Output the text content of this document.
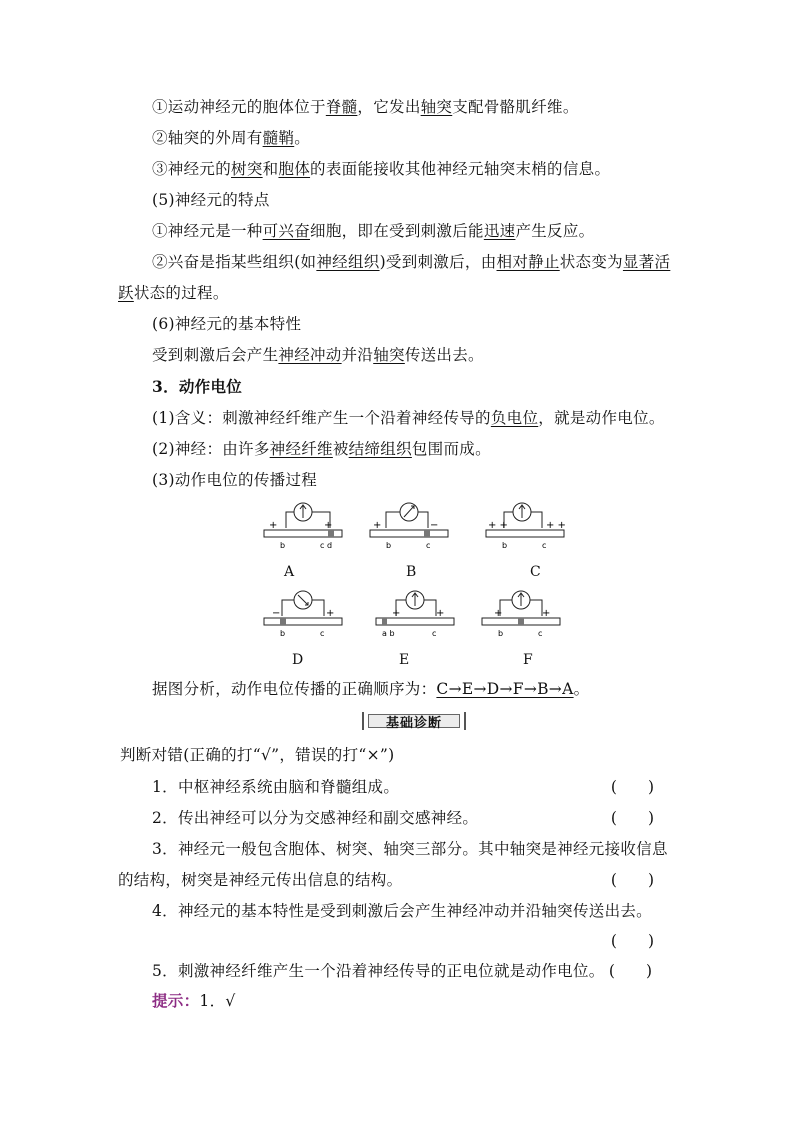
①运动神经元的胞体位于脊髓，它发出轴突支配骨骼肌纤维。
②轴突的外周有髓鞘。
③神经元的树突和胞体的表面能接收其他神经元轴突末梢的信息。
(5)神经元的特点
①神经元是一种可兴奋细胞，即在受到刺激后能迅速产生反应。
②兴奋是指某些组织(如神经组织)受到刺激后，由相对静止状态变为显著活
跃状态的过程。
(6)神经元的基本特性
受到刺激后会产生神经冲动并沿轴突传送出去。
3．动作电位
(1)含义：刺激神经纤维产生一个沿着神经传导的负电位，就是动作电位。
(2)神经：由许多神经纤维被结缔组织包围而成。
(3)动作电位的传播过程
+	+
b	c d
A
+	−
b	c
B
+ +	+ +
b	c
C
−	+
b	c
D
+	+
a b	c
E
+	+
b	c
F
据图分析，动作电位传播的正确顺序为：C→E→D→F→B→A。
基础诊断
判断对错(正确的打“√”，错误的打“×”)
1．中枢神经系统由脑和脊髓组成。	(　　)
2．传出神经可以分为交感神经和副交感神经。	(　　)
3．神经元一般包含胞体、树突、轴突三部分。其中轴突是神经元接收信息
的结构，树突是神经元传出信息的结构。	(　　)
4．神经元的基本特性是受到刺激后会产生神经冲动并沿轴突传送出去。
(　　)
5．刺激神经纤维产生一个沿着神经传导的正电位就是动作电位。 (　　)
提示：1．√
